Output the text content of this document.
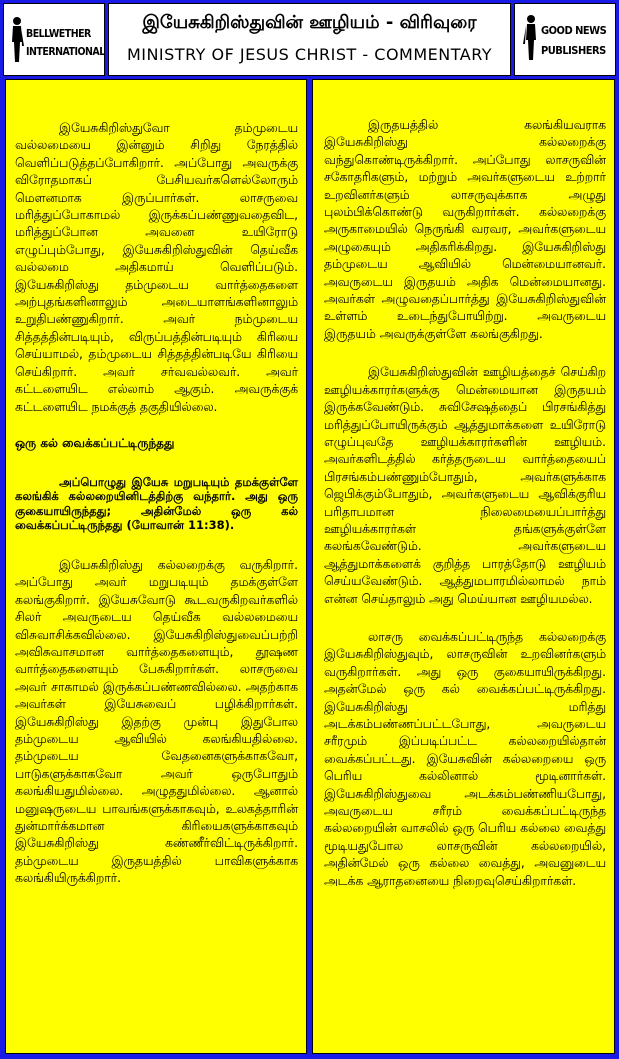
BELLWETHER
INTERNATIONAL
இயேசுகிறிஸ்துவின் ஊழியம் - விரிவுரை
MINISTRY OF JESUS CHRIST - COMMENTARY
GOOD NEWS
PUBLISHERS

இயேசுகிறிஸ்துவோ தம்முடைய வல்லமையை இன்னும் சிறிது நேரத்தில் வெளிப்படுத்தப்போகிறார். அப்போது அவருக்கு விரோதமாகப் பேசியவர்களெல்லோரும் மௌனமாக இருப்பார்கள். லாசருவை மரித்துப்போகாமல் இருக்கப்பண்ணுவதைவிட, மரித்துப்போன அவனை உயிரோடு எழுப்பும்போது, இயேசுகிறிஸ்துவின் தெய்வீக வல்லமை அதிகமாய் வெளிப்படும். இயேசுகிறிஸ்து தம்முடைய வார்த்தைகளை அற்புதங்களினாலும் அடையாளங்களினாலும் உறுதிபண்ணுகிறார். அவர் நம்முடைய சித்தத்தின்படியும், விருப்பத்தின்படியும் கிரியை செய்யாமல், தம்முடைய சித்தத்தின்படியே கிரியை செய்கிறார். அவர் சர்வவல்லவர். அவர் கட்டளையிட எல்லாம் ஆகும். அவருக்குக் கட்டளையிட நமக்குத் தகுதியில்லை.

ஒரு கல் வைக்கப்பட்டிருந்தது

அப்பொழுது இயேசு மறுபடியும் தமக்குள்ளே கலங்கிக் கல்லறையினிடத்திற்கு வந்தார். அது ஒரு குகையாயிருந்தது; அதின்மேல் ஒரு கல் வைக்கப்பட்டிருந்தது (யோவான் 11:38).

இயேசுகிறிஸ்து கல்லறைக்கு வருகிறார். அப்போது அவர் மறுபடியும் தமக்குள்ளே கலங்குகிறார். இயேசுவோடு கூடவருகிறவர்களில் சிலர் அவருடைய தெய்வீக வல்லமையை விசுவாசிக்கவில்லை. இயேசுகிறிஸ்துவைப்பற்றி அவிசுவாசமான வார்த்தைகளையும், தூஷண வார்த்தைகளையும் பேசுகிறார்கள். லாசருவை அவர் சாகாமல் இருக்கப்பண்ணவில்லை. அதற்காக அவர்கள் இயேசுவைப் பழிக்கிறார்கள். இயேசுகிறிஸ்து இதற்கு முன்பு இதுபோல தம்முடைய ஆவியில் கலங்கியதில்லை. தம்முடைய வேதனைகளுக்காகவோ, பாடுகளுக்காகவோ அவர் ஒருபோதும் கலங்கியதுமில்லை. அழுததுமில்லை. ஆனால் மனுஷருடைய பாவங்களுக்காகவும், உலகத்தாரின் துன்மார்க்கமான கிரியைகளுக்காகவும் இயேசுகிறிஸ்து கண்ணீர்விட்டிருக்கிறார். தம்முடைய இருதயத்தில் பாவிகளுக்காக கலங்கியிருக்கிறார்.

இருதயத்தில் கலங்கியவராக இயேசுகிறிஸ்து கல்லறைக்கு வந்துகொண்டிருக்கிறார். அப்போது லாசருவின் சகோதரிகளும், மற்றும் அவர்களுடைய உற்றார் உறவினர்களும் லாசருவுக்காக அழுது புலம்பிக்கொண்டு வருகிறார்கள். கல்லறைக்கு அருகாமையில் நெருங்கி வரவர, அவர்களுடைய அழுகையும் அதிகரிக்கிறது. இயேசுகிறிஸ்து தம்முடைய ஆவியில் மென்மையானவர். அவருடைய இருதயம் அதிக மென்மையானது. அவர்கள் அழுவதைப்பார்த்து இயேசுகிறிஸ்துவின் உள்ளம் உடைந்துபோயிற்று. அவருடைய இருதயம் அவருக்குள்ளே கலங்குகிறது.

இயேசுகிறிஸ்துவின் ஊழியத்தைச் செய்கிற ஊழியக்காரர்களுக்கு மென்மையான இருதயம் இருக்கவேண்டும். சுவிசேஷத்தைப் பிரசங்கித்து மரித்துப்போயிருக்கும் ஆத்துமாக்களை உயிரோடு எழுப்புவதே ஊழியக்காரர்களின் ஊழியம். அவர்களிடத்தில் கர்த்தருடைய வார்த்தையைப் பிரசங்கம்பண்ணும்போதும், அவர்களுக்காக ஜெபிக்கும்போதும், அவர்களுடைய ஆவிக்குரிய பரிதாபமான நிலைமையைப்பார்த்து ஊழியக்காரர்கள் தங்களுக்குள்ளே கலங்கவேண்டும். அவர்களுடைய ஆத்துமாக்களைக் குறித்த பாரத்தோடு ஊழியம் செய்யவேண்டும். ஆத்துமபாரமில்லாமல் நாம் என்ன செய்தாலும் அது மெய்யான ஊழியமல்ல.

லாசரு வைக்கப்பட்டிருந்த கல்லறைக்கு இயேசுகிறிஸ்துவும், லாசருவின் உறவினர்களும் வருகிறார்கள். அது ஒரு குகையாயிருக்கிறது. அதன்மேல் ஒரு கல் வைக்கப்பட்டிருக்கிறது. இயேசுகிறிஸ்து மரித்து அடக்கம்பண்ணப்பட்டபோது, அவருடைய சரீரமும் இப்படிப்பட்ட கல்லறையில்தான் வைக்கப்பட்டது. இயேசுவின் கல்லறையை ஒரு பெரிய கல்லினால் மூடினார்கள். இயேசுகிறிஸ்துவை அடக்கம்பண்ணியபோது, அவருடைய சரீரம் வைக்கப்பட்டிருந்த கல்லறையின் வாசலில் ஒரு பெரிய கல்லை வைத்து மூடியதுபோல லாசருவின் கல்லறையில், அதின்மேல் ஒரு கல்லை வைத்து, அவனுடைய அடக்க ஆராதனையை நிறைவுசெய்கிறார்கள்.
